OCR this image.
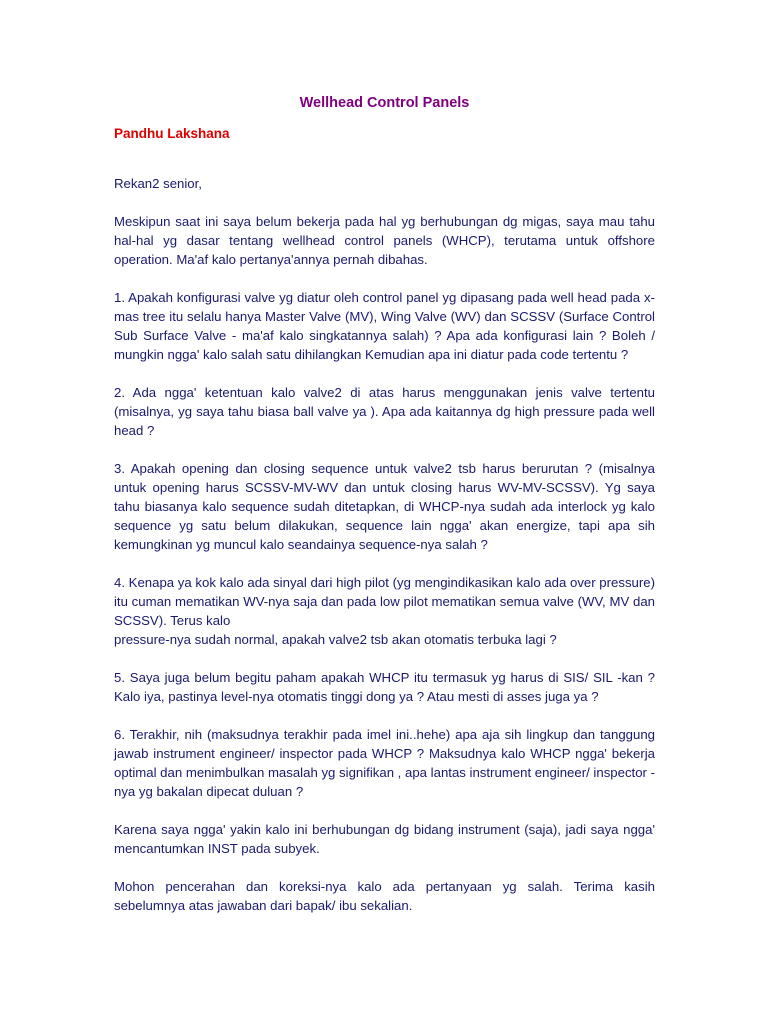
Wellhead Control Panels
Pandhu Lakshana

Rekan2 senior,

Meskipun saat ini saya belum bekerja pada hal yg berhubungan dg migas, saya mau tahu hal-hal yg dasar tentang wellhead control panels (WHCP), terutama untuk offshore operation. Ma'af kalo pertanya'annya pernah dibahas.

1. Apakah konfigurasi valve yg diatur oleh control panel yg dipasang pada well head pada x-mas tree itu selalu hanya Master Valve (MV), Wing Valve (WV) dan SCSSV (Surface Control Sub Surface Valve - ma'af kalo singkatannya salah) ? Apa ada konfigurasi lain ? Boleh / mungkin ngga' kalo salah satu dihilangkan Kemudian apa ini diatur pada code tertentu ?

2. Ada ngga' ketentuan kalo valve2 di atas harus menggunakan jenis valve tertentu (misalnya, yg saya tahu biasa ball valve ya ). Apa ada kaitannya dg high pressure pada well head ?

3. Apakah opening dan closing sequence untuk valve2 tsb harus berurutan ? (misalnya untuk opening harus SCSSV-MV-WV dan untuk closing harus WV-MV-SCSSV). Yg saya tahu biasanya kalo sequence sudah ditetapkan, di WHCP-nya sudah ada interlock yg kalo sequence yg satu belum dilakukan, sequence lain ngga' akan energize, tapi apa sih kemungkinan yg muncul kalo seandainya sequence-nya salah ?

4. Kenapa ya kok kalo ada sinyal dari high pilot (yg mengindikasikan kalo ada over pressure) itu cuman mematikan WV-nya saja dan pada low pilot mematikan semua valve (WV, MV dan SCSSV). Terus kalo
pressure-nya sudah normal, apakah valve2 tsb akan otomatis terbuka lagi ?

5. Saya juga belum begitu paham apakah WHCP itu termasuk yg harus di SIS/ SIL -kan ? Kalo iya, pastinya level-nya otomatis tinggi dong ya ? Atau mesti di asses juga ya ?

6. Terakhir, nih (maksudnya terakhir pada imel ini..hehe) apa aja sih lingkup dan tanggung jawab instrument engineer/ inspector pada WHCP ? Maksudnya kalo WHCP ngga' bekerja optimal dan menimbulkan masalah yg signifikan , apa lantas instrument engineer/ inspector -nya yg bakalan dipecat duluan ?

Karena saya ngga' yakin kalo ini berhubungan dg bidang instrument (saja), jadi saya ngga' mencantumkan INST pada subyek.

Mohon pencerahan dan koreksi-nya kalo ada pertanyaan yg salah. Terima kasih sebelumnya atas jawaban dari bapak/ ibu sekalian.
